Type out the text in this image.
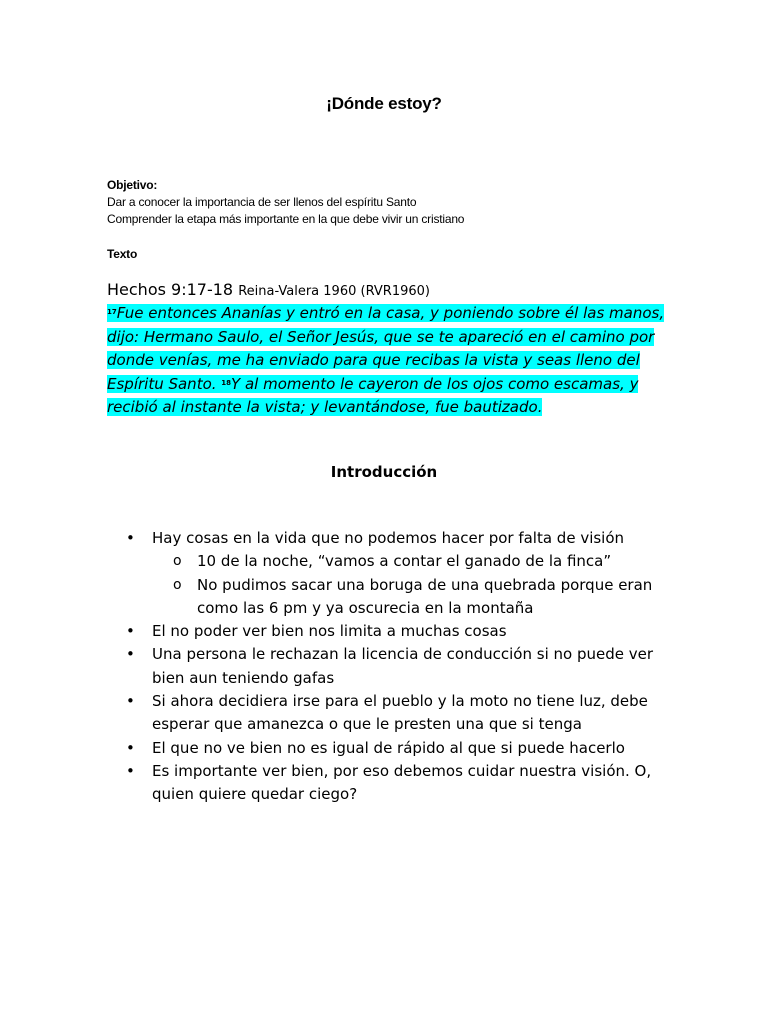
¡Dónde estoy?
Objetivo:
Dar a conocer la importancia de ser llenos del espíritu Santo
Comprender la etapa más importante en la que debe vivir un cristiano
Texto
Hechos 9:17-18 Reina-Valera 1960 (RVR1960)
$^{17}$Fue entonces Ananías y entró en la casa, y poniendo sobre él las manos, dijo: Hermano Saulo, el Señor Jesús, que se te apareció en el camino por donde venías, me ha enviado para que recibas la vista y seas lleno del Espíritu Santo. $^{18}$Y al momento le cayeron de los ojos como escamas, y recibió al instante la vista; y levantándose, fue bautizado.
Introducción
• Hay cosas en la vida que no podemos hacer por falta de visión
o 10 de la noche, “vamos a contar el ganado de la finca”
o No pudimos sacar una boruga de una quebrada porque eran como las 6 pm y ya oscurecia en la montaña
• El no poder ver bien nos limita a muchas cosas
• Una persona le rechazan la licencia de conducción si no puede ver bien aun teniendo gafas
• Si ahora decidiera irse para el pueblo y la moto no tiene luz, debe esperar que amanezca o que le presten una que si tenga
• El que no ve bien no es igual de rápido al que si puede hacerlo
• Es importante ver bien, por eso debemos cuidar nuestra visión. O, quien quiere quedar ciego?
